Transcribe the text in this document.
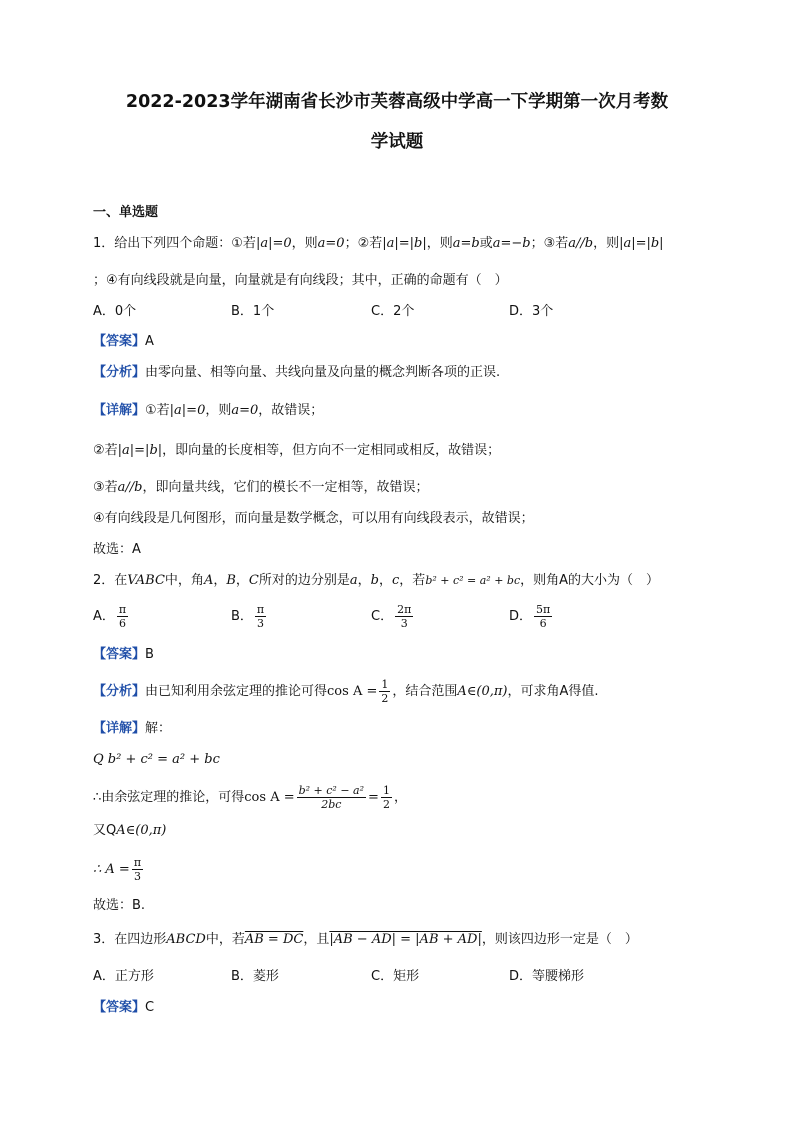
2022-2023学年湖南省长沙市芙蓉高级中学高一下学期第一次月考数
学试题
一、单选题
1．给出下列四个命题：①若|a|=0，则a=0；②若|a|=|b|，则a=b或a=−b；③若a//b，则|a|=|b|
；④有向线段就是向量，向量就是有向线段；其中，正确的命题有（　）
A．0个	B．1个	C．2个	D．3个
【答案】A
【分析】由零向量、相等向量、共线向量及向量的概念判断各项的正误.
【详解】①若|a|=0，则a=0，故错误；
②若|a|=|b|，即向量的长度相等，但方向不一定相同或相反，故错误；
③若a//b，即向量共线，它们的模长不一定相等，故错误；
④有向线段是几何图形，而向量是数学概念，可以用有向线段表示，故错误；
故选：A
2．在VABC中，角A，B，C所对的边分别是a，b，c，若b² + c² = a² + bc，则角A的大小为（　）
A． $\frac{\pi}{6}$	B． $\frac{\pi}{3}$	C． $\frac{2\pi}{3}$	D． $\frac{5\pi}{6}$
【答案】B
【分析】由已知利用余弦定理的推论可得$\cos A = \frac{1}{2}$ ，结合范围A∈(0,π)，可求角A得值.
【详解】解：
Q b² + c² = a² + bc
∴由余弦定理的推论，可得$\cos A = \frac{\text{b² + c² − a²}}{2bc} = \frac{1}{2}$ ，
又QA∈(0,π)
∴ $A = \frac{\pi}{3}$
故选：B.
3．在四边形ABCD中，若AB = DC，且|AB − AD| = |AB + AD|，则该四边形一定是（　）
A．正方形	B．菱形	C．矩形	D．等腰梯形
【答案】C
